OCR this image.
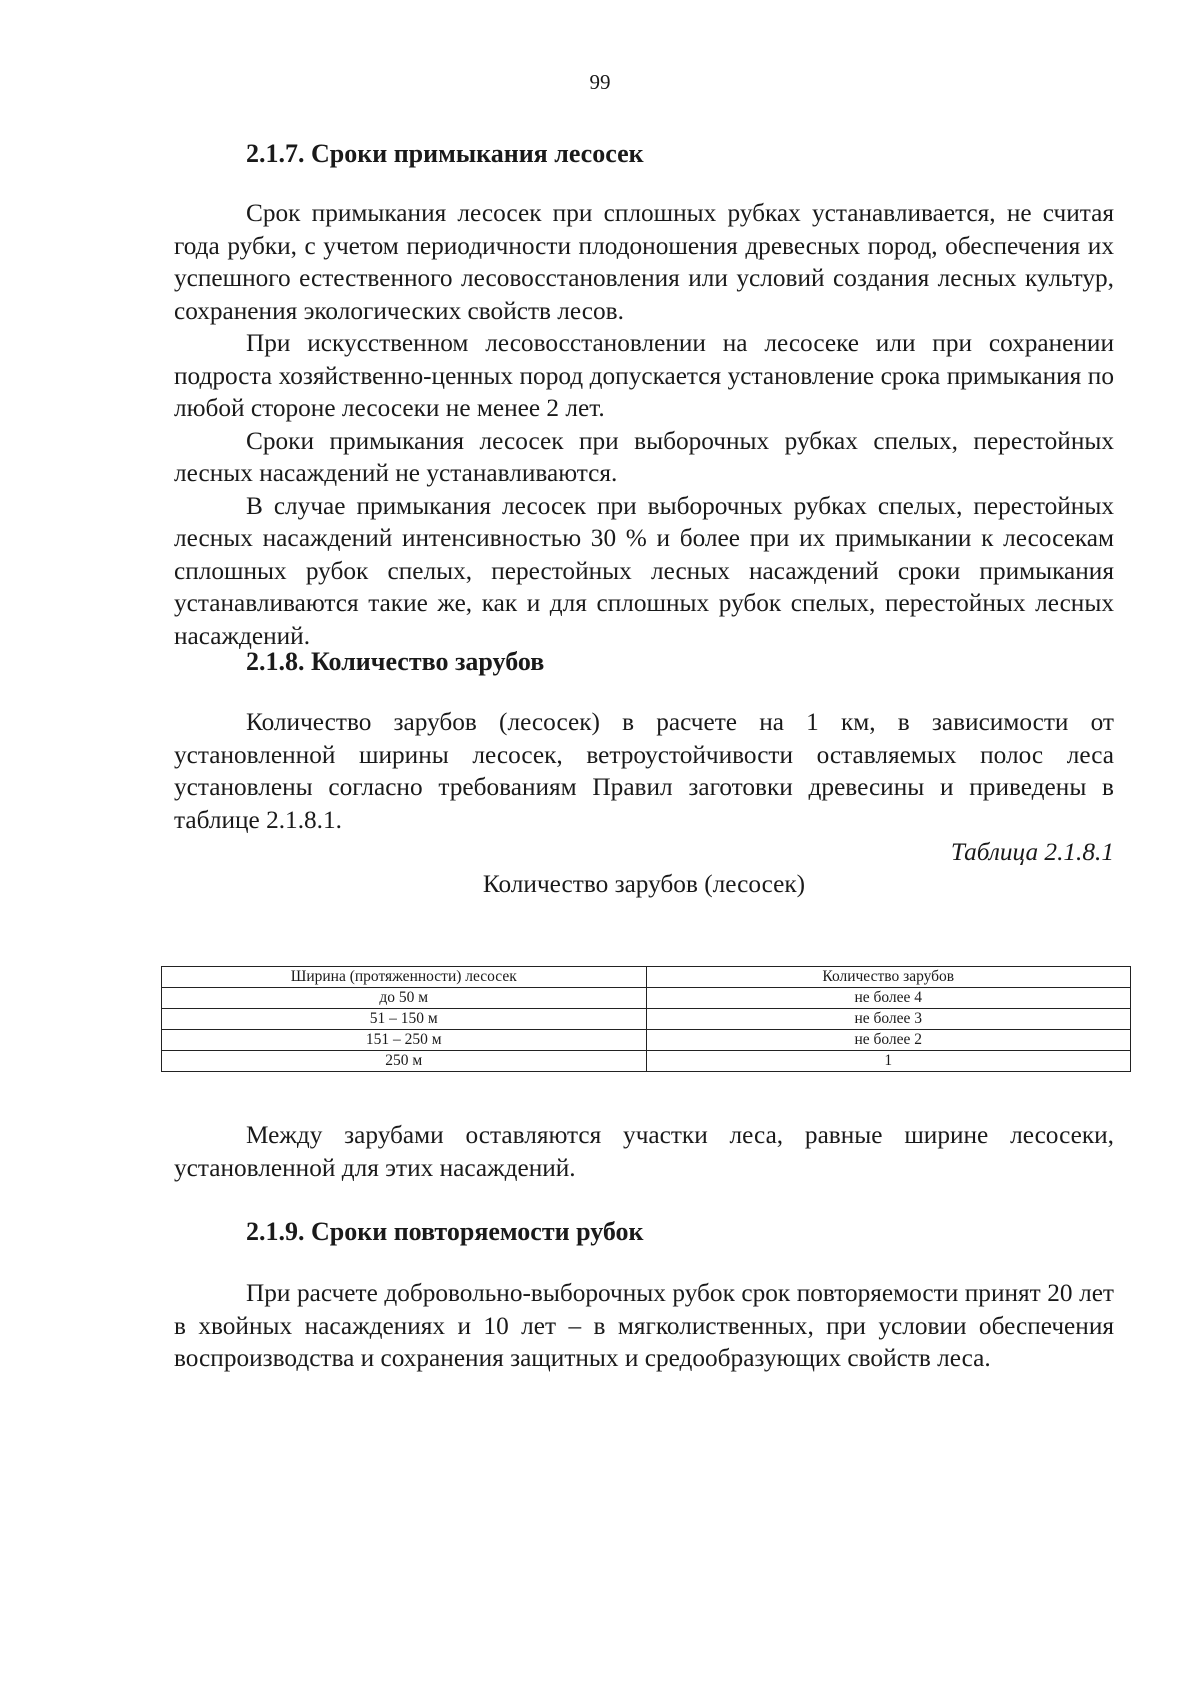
99
2.1.7. Сроки примыкания лесосек

Срок примыкания лесосек при сплошных рубках устанавливается, не считая года рубки, с учетом периодичности плодоношения древесных пород, обеспечения их успешного естественного лесовосстановления или условий создания лесных культур, сохранения экологических свойств лесов.

При искусственном лесовосстановлении на лесосеке или при сохранении подроста хозяйственно-ценных пород допускается установление срока примыкания по любой стороне лесосеки не менее 2 лет.

Сроки примыкания лесосек при выборочных рубках спелых, перестойных лесных насаждений не устанавливаются.

В случае примыкания лесосек при выборочных рубках спелых, перестойных лесных насаждений интенсивностью 30 % и более при их примыкании к лесосекам сплошных рубок спелых, перестойных лесных насаждений сроки примыкания устанавливаются такие же, как и для сплошных рубок спелых, перестойных лесных насаждений.

2.1.8. Количество зарубов

Количество зарубов (лесосек) в расчете на 1 км, в зависимости от установленной ширины лесосек, ветроустойчивости оставляемых полос леса установлены согласно требованиям Правил заготовки древесины и приведены в таблице 2.1.8.1.

Таблица 2.1.8.1
Количество зарубов (лесосек)
Ширина (протяженности) лесосек	Количество зарубов
до 50 м	не более 4
51 – 150 м	не более 3
151 – 250 м	не более 2
250 м	1

Между зарубами оставляются участки леса, равные ширине лесосеки, установленной для этих насаждений.

2.1.9. Сроки повторяемости рубок

При расчете добровольно-выборочных рубок срок повторяемости принят 20 лет в хвойных насаждениях и 10 лет – в мягколиственных, при условии обеспечения воспроизводства и сохранения защитных и средообразующих свойств леса.
